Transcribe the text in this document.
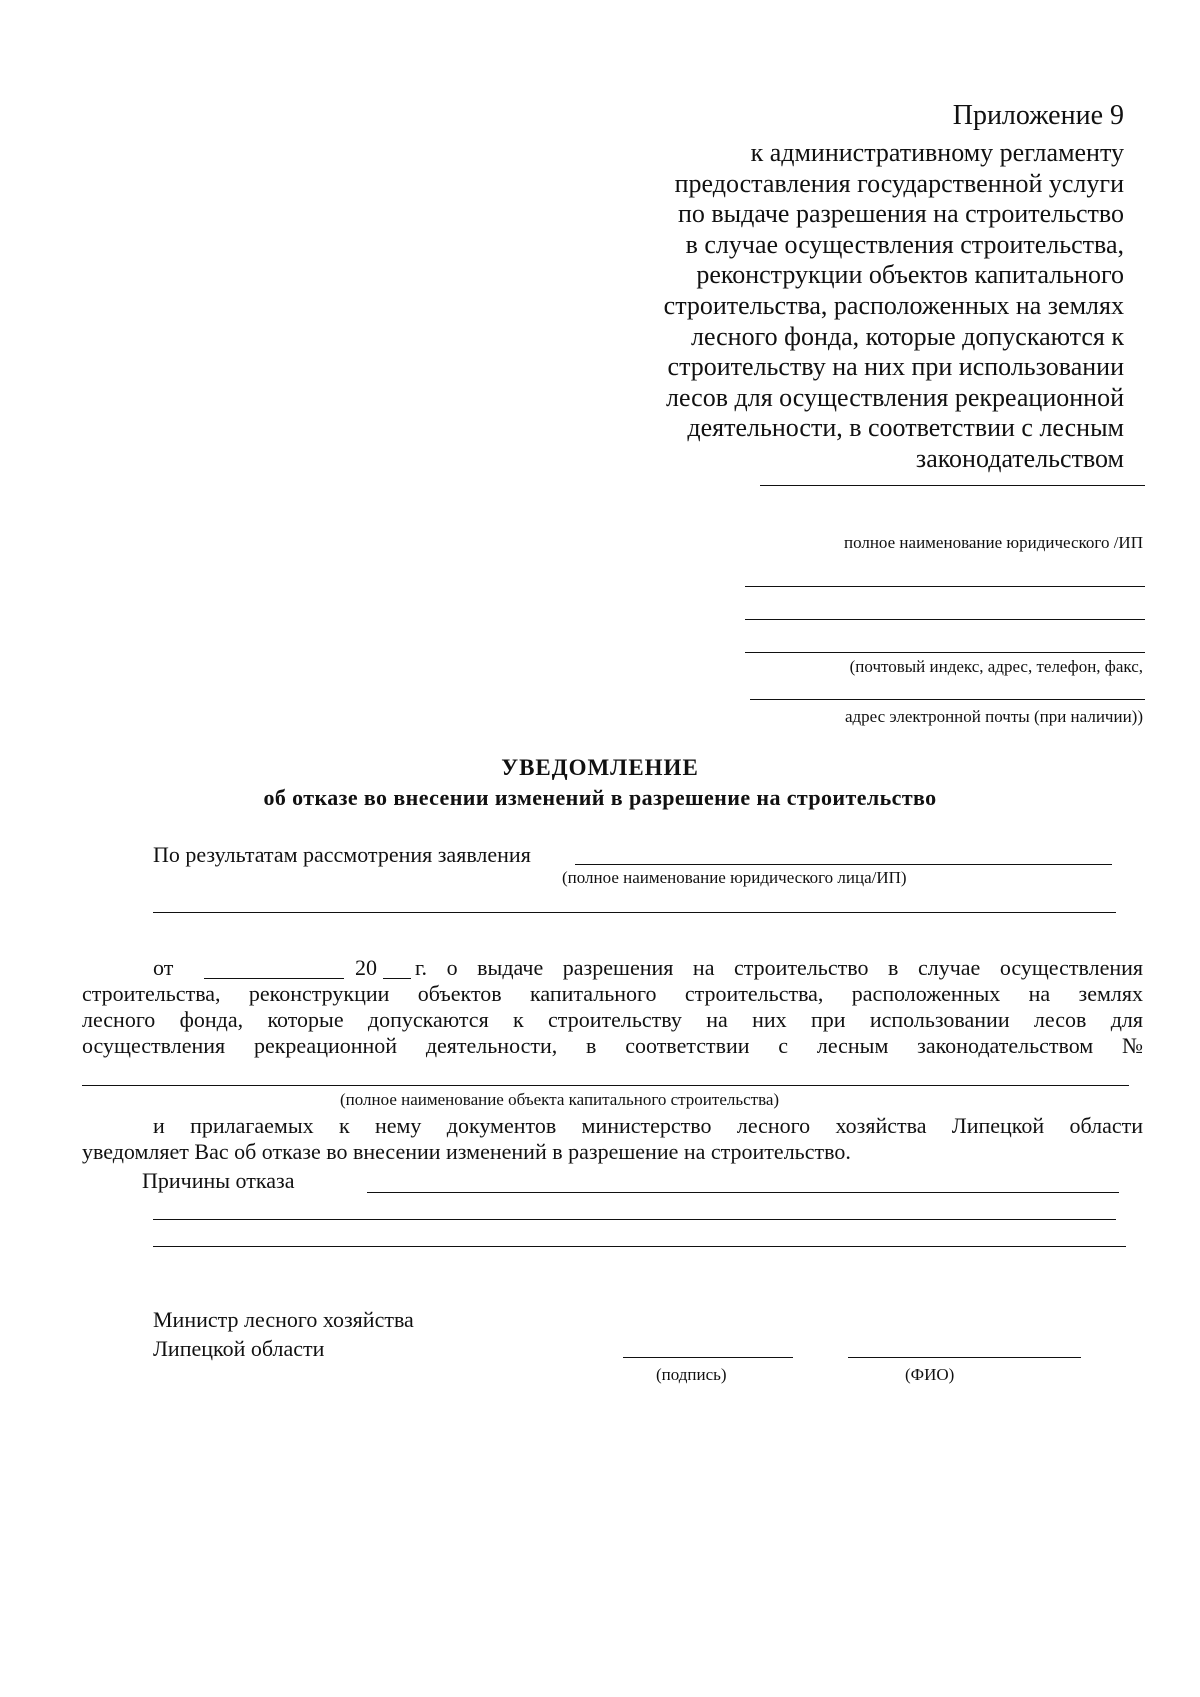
Приложение 9
к административному регламенту
предоставления государственной услуги
по выдаче разрешения на строительство
в случае осуществления строительства,
реконструкции объектов капитального
строительства, расположенных на землях
лесного фонда, которые допускаются к
строительству на них при использовании
лесов для осуществления рекреационной
деятельности, в соответствии с лесным
законодательством
полное наименование юридического /ИП
(почтовый индекс, адрес, телефон, факс,
адрес электронной почты (при наличии))
УВЕДОМЛЕНИЕ
об отказе во внесении изменений в разрешение на строительство
По результатам рассмотрения заявления
(полное наименование юридического лица/ИП)
от	20 г. о выдаче разрешения на строительство в случае осуществления
строительства, реконструкции объектов капитального строительства, расположенных на землях
лесного фонда, которые допускаются к строительству на них при использовании лесов для
осуществления рекреационной деятельности, в соответствии с лесным законодательством №
(полное наименование объекта капитального строительства)
и прилагаемых к нему документов министерство лесного хозяйства Липецкой области
уведомляет Вас об отказе во внесении изменений в разрешение на строительство.
Причины отказа
Министр лесного хозяйства
Липецкой области
(подпись)	(ФИО)
